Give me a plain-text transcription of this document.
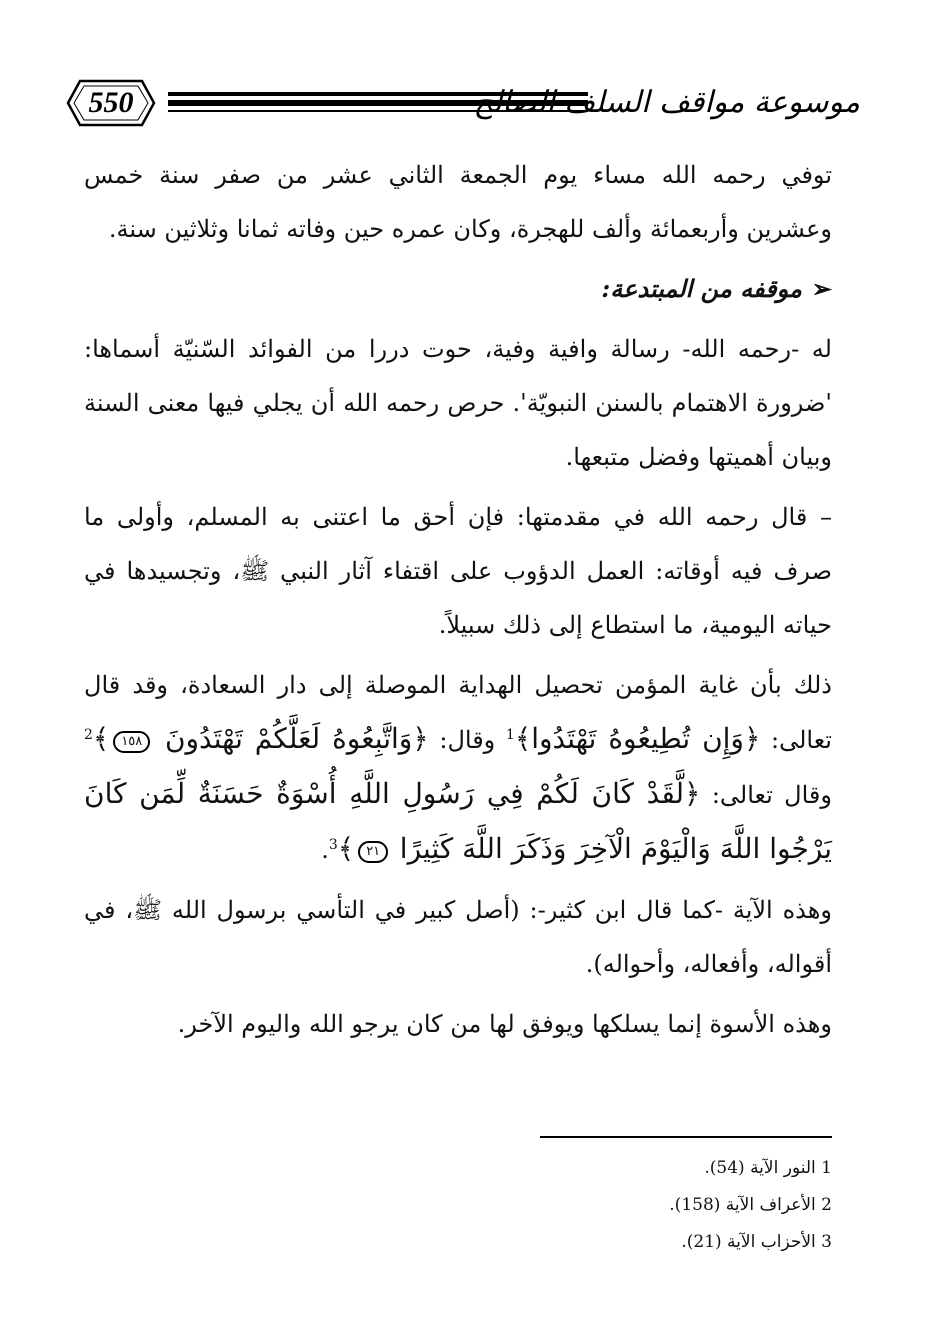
550	موسوعة مواقف السلف الصالح

توفي رحمه الله مساء يوم الجمعة الثاني عشر من صفر سنة خمس وعشرين وأربعمائة وألف للهجرة، وكان عمره حين وفاته ثمانا وثلاثين سنة.

➢موقفه من المبتدعة:

له -رحمه الله- رسالة وافية وفية، حوت دررا من الفوائد السّنيّة أسماها: 'ضرورة الاهتمام بالسنن النبويّة'. حرص رحمه الله أن يجلي فيها معنى السنة وبيان أهميتها وفضل متبعها.

– قال رحمه الله في مقدمتها: فإن أحق ما اعتنى به المسلم، وأولى ما صرف فيه أوقاته: العمل الدؤوب على اقتفاء آثار النبي ﷺ، وتجسيدها في حياته اليومية، ما استطاع إلى ذلك سبيلاً.

ذلك بأن غاية المؤمن تحصيل الهداية الموصلة إلى دار السعادة، وقد قال تعالى: ﴿وَإِن تُطِيعُوهُ تَهْتَدُوا﴾$^1$ وقال: ﴿وَاتَّبِعُوهُ لَعَلَّكُمْ تَهْتَدُونَ ١٥٨﴾$^2$ وقال تعالى: ﴿لَّقَدْ كَانَ لَكُمْ فِي رَسُولِ اللَّهِ أُسْوَةٌ حَسَنَةٌ لِّمَن كَانَ يَرْجُوا اللَّهَ وَالْيَوْمَ الْآخِرَ وَذَكَرَ اللَّهَ كَثِيرًا ٢١﴾$^3$.

وهذه الآية -كما قال ابن كثير-: (أصل كبير في التأسي برسول الله ﷺ، في أقواله، وأفعاله، وأحواله).

وهذه الأسوة إنما يسلكها ويوفق لها من كان يرجو الله واليوم الآخر.

1 النور الآية (54).
2 الأعراف الآية (158).
3 الأحزاب الآية (21).
